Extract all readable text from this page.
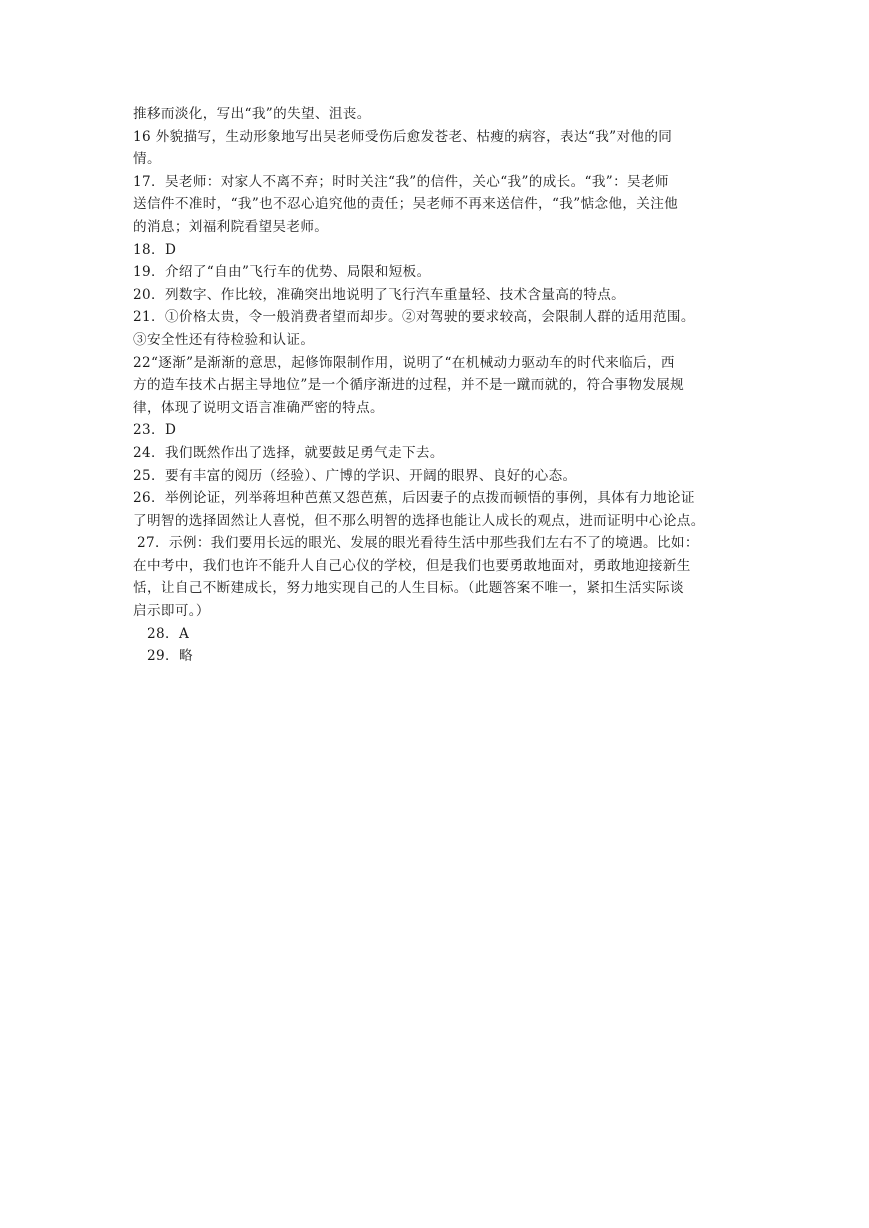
推移而淡化，写出“我”的失望、沮丧。
16 外貌描写，生动形象地写出吴老师受伤后愈发苍老、枯瘦的病容，表达“我”对他的同
情。
17．吴老师：对家人不离不弃；时时关注“我”的信件，关心“我”的成长。“我”：吴老师
送信件不准时，“我”也不忍心追究他的责任；吴老师不再来送信件，“我”惦念他，关注他
的消息；刘福利院看望吴老师。
18．D
19．介绍了“自由”飞行车的优势、局限和短板。
20．列数字、作比较，准确突出地说明了飞行汽车重量轻、技术含量高的特点。
21．①价格太贵，令一般消费者望而却步。②对驾驶的要求较高，会限制人群的适用范围。
③安全性还有待检验和认证。
22“逐渐”是渐渐的意思，起修饰限制作用，说明了“在机械动力驱动车的时代来临后，西
方的造车技术占据主导地位”是一个循序渐进的过程，并不是一蹴而就的，符合事物发展规
律，体现了说明文语言准确严密的特点。
23．D
24．我们既然作出了选择，就要鼓足勇气走下去。
25．要有丰富的阅历（经验）、广博的学识、开阔的眼界、良好的心态。
26．举例论证，列举蒋坦种芭蕉又怨芭蕉，后因妻子的点拨而顿悟的事例，具体有力地论证
了明智的选择固然让人喜悦，但不那么明智的选择也能让人成长的观点，进而证明中心论点。
27．示例：我们要用长远的眼光、发展的眼光看待生活中那些我们左右不了的境遇。比如：
在中考中，我们也许不能升人自己心仪的学校，但是我们也要勇敢地面对，勇敢地迎接新生
恬，让自己不断建成长，努力地实现自己的人生目标。（此题答案不唯一，紧扣生活实际谈
启示即可。）
28．A
29．略
